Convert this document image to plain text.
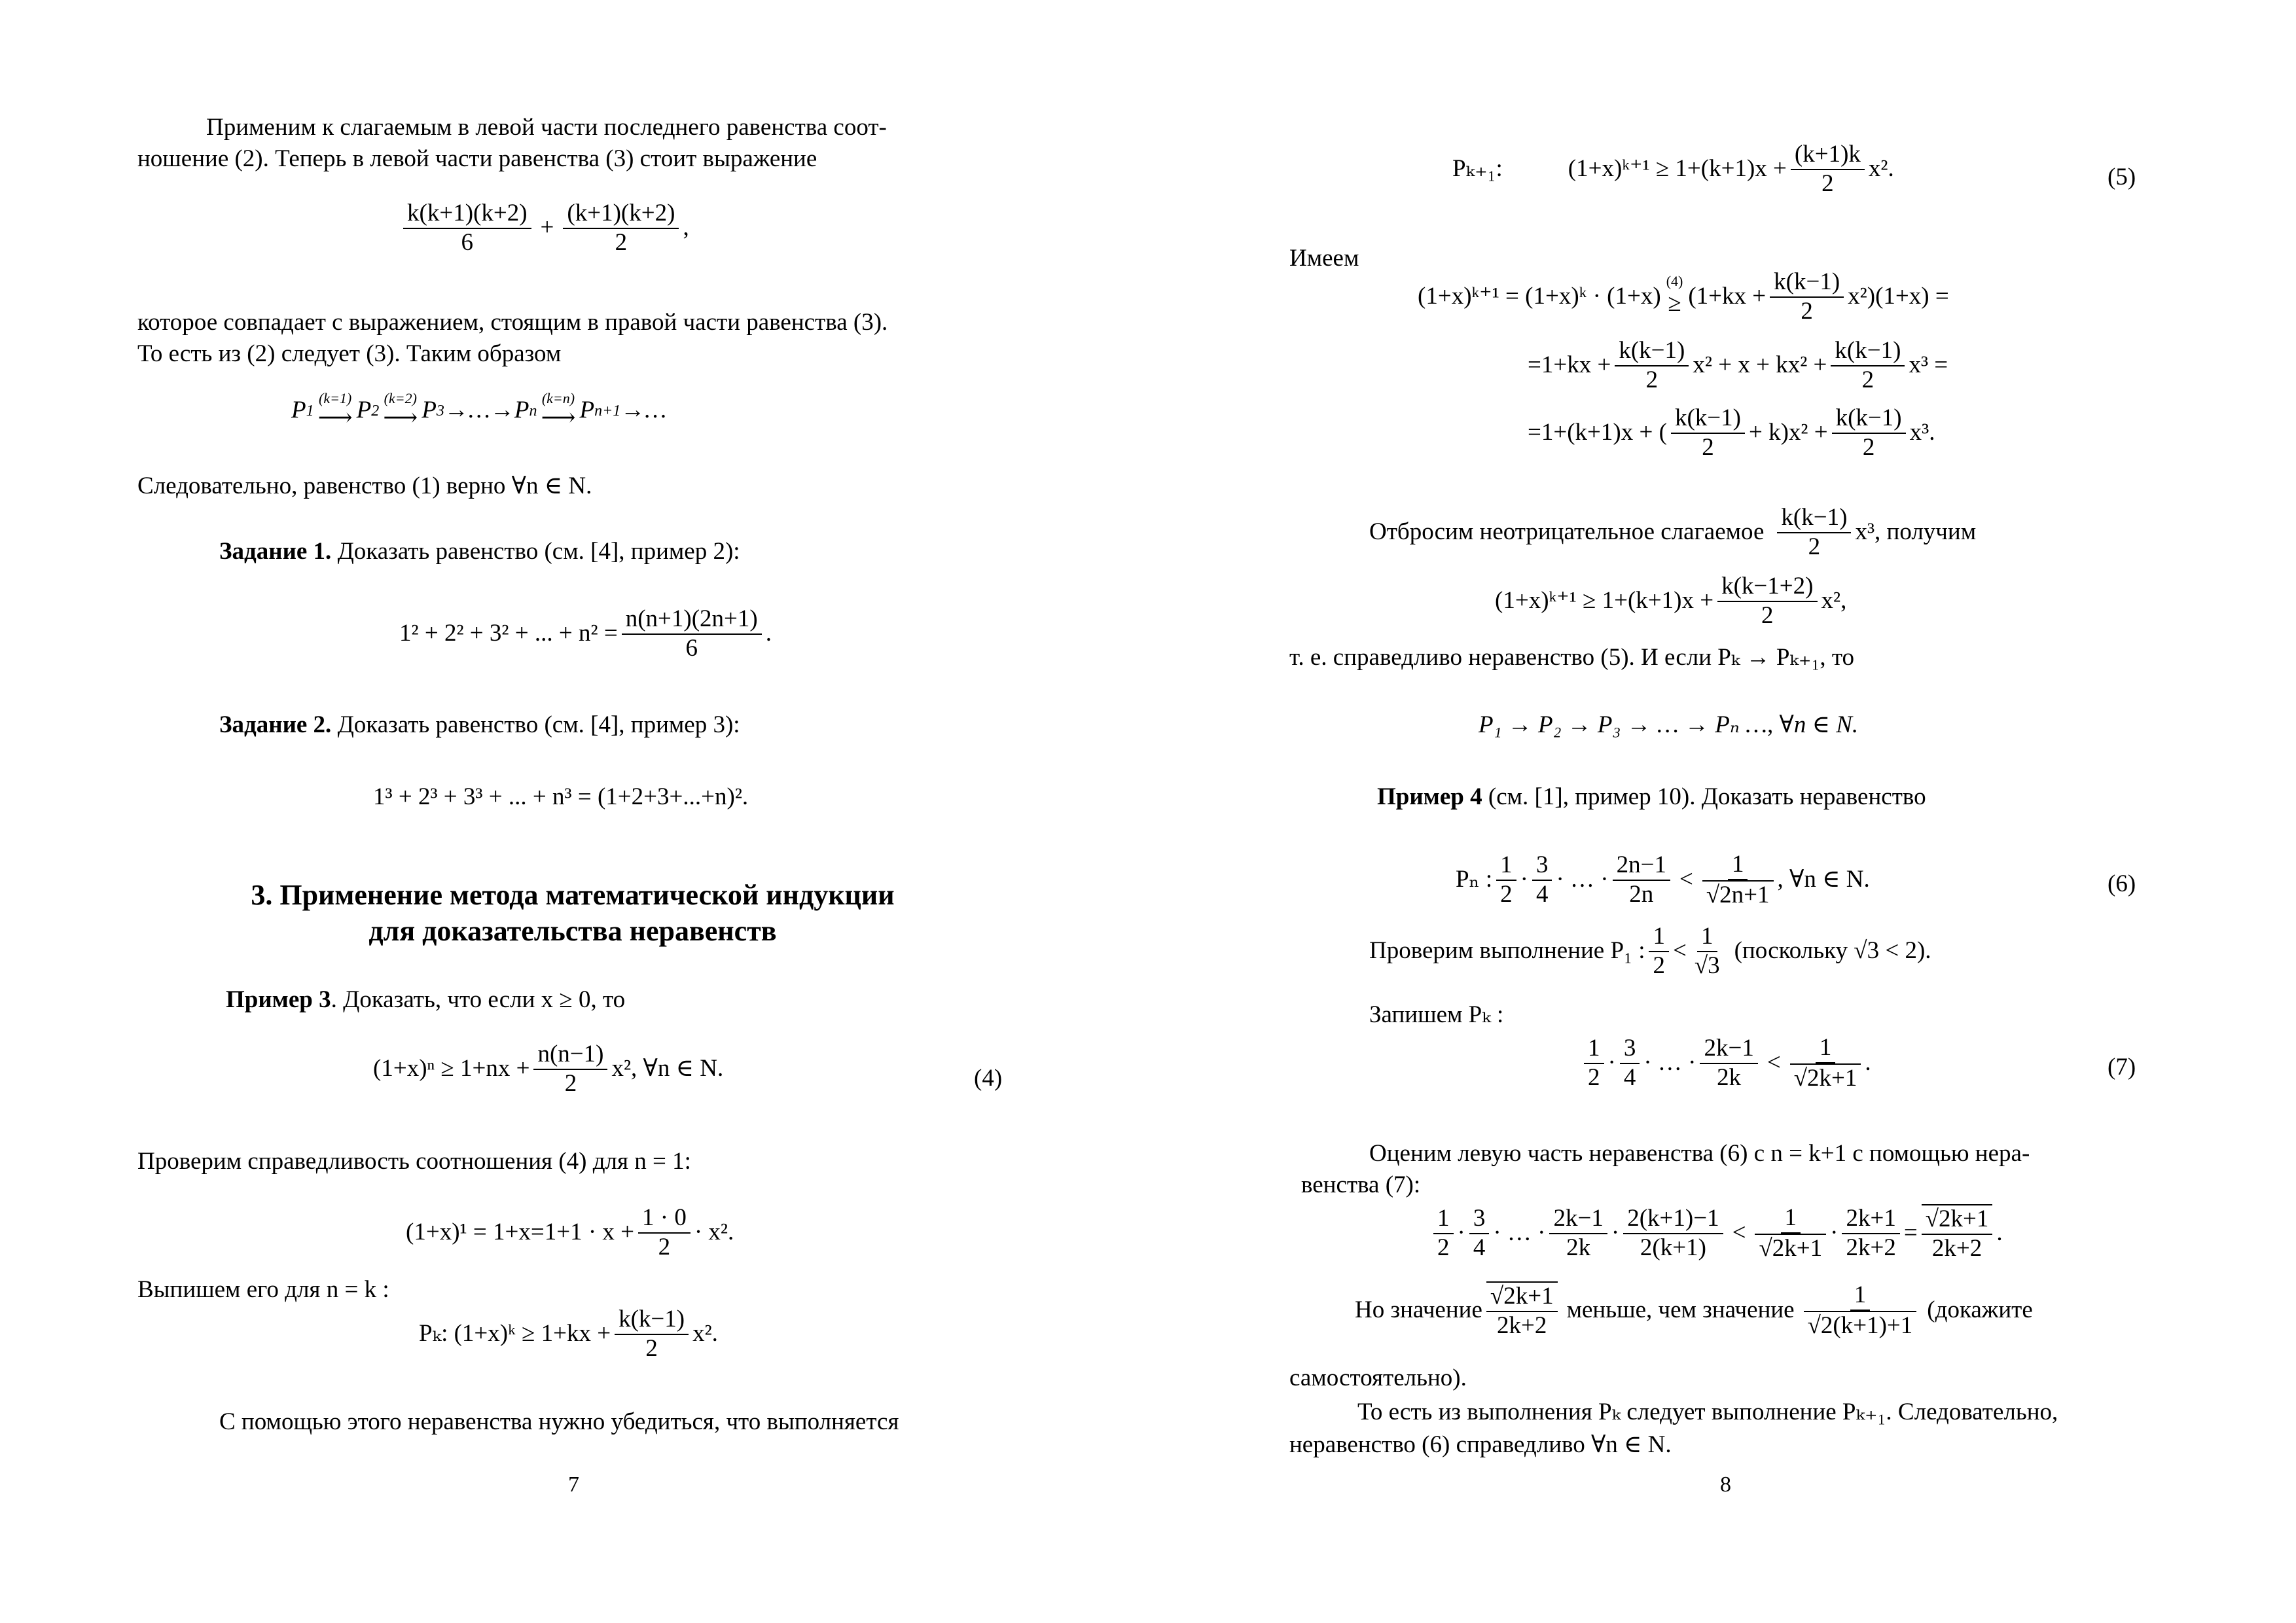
Применим к слагаемым в левой части последнего равенства соот-
ношение (2). Теперь в левой части равенства (3) стоит выражение
$\frac{k(k+1)(k+2)}{6} + \frac{(k+1)(k+2)}{2}$ ,
которое совпадает с выражением, стоящим в правой части равенства (3).
То есть из (2) следует (3). Таким образом
P 1
(k=1)
⟶ P 2
(k=2)
⟶ P 3 →…→ P n
(k=n)
⟶ P n+1 →…
Следовательно, равенство (1) верно ∀n ∈ N.
Задание 1. Доказать равенство (см. [4], пример 2):
1² + 2² + 3² + ... + $n^2 = \frac{n(n+1)(2n+1)}{6}$ .
Задание 2. Доказать равенство (см. [4], пример 3):
1³ + 2³ + 3³ + ... + n³ = (1+2+3+...+n)².
3. Применение метода математической индукции
для доказательства неравенств
Пример 3. Доказать, что если x ≥ 0, то
$(1+x)^n \ge 1+nx + \frac{n(n-1)}{2} x^2$, ∀n ∈ N.	(4)
Проверим справедливость соотношения (4) для n = 1:
$(1+x)^1 = 1+x=1+1 \cdot x + \frac{1 \cdot 0}{2} \cdot x^2$.
Выпишем его для n = k :
Pₖ: (1+x)ᵏ ≥ $1+kx + \frac{k(k-1)}{2} x^2$.
С помощью этого неравенства нужно убедиться, что выполняется
7
Pₖ₊₁:	(1+x)ᵏ⁺¹ ≥ $1+(k+1)x + \frac{(k+1)k}{2} x^2$.	(5)
Имеем
(1+x)ᵏ⁺¹ = (1+x)ᵏ · (1+x)
(4)
≥ $(1+kx + \frac{k(k-1)}{2} x^2)(1+x)$ =
$=1+kx + \frac{k(k-1)}{2} x^2 + x + kx^2 + \frac{k(k-1)}{2} x^3$ =
=1+(k+1)x + ( $\frac{k(k-1)}{2} + k)x^2 + \frac{k(k-1)}{2} x^3$.
Отбросим неотрицательное слагаемое $\frac{k(k-1)}{2} x^3$, получим
(1+x)ᵏ⁺¹ ≥ $1+(k+1)x + \frac{k(k-1+2)}{2} x^2$,
т. е. справедливо неравенство (5). И если Pₖ → Pₖ₊₁, то
P₁ → P₂ → P₃ → … → Pₙ …, ∀n ∈ N.
Пример 4 (см. [1], пример 10). Доказать неравенство
Pₙ : $\frac{1}{2} \cdot \frac{3}{4}$ · … · $\frac{2n-1}{2n} < \frac{1}{√2n+1}$ , ∀n ∈ N.	(6)
Проверим выполнение P₁ : $\frac{1}{2} < \frac{1}{√3}$ (поскольку √3 < 2).
Запишем Pₖ :
$\frac{1}{2} \cdot \frac{3}{4}$ · … · $\frac{2k-1}{2k} < \frac{1}{√2k+1}$ .	(7)
Оценим левую часть неравенства (6) с n = k+1 с помощью нера-
венства (7):
$\frac{1}{2} \cdot \frac{3}{4}$ · … · $\frac{2k-1}{2k} \cdot \frac{2(k+1)-1}{2(k+1)} < \frac{1}{√2k+1} \cdot \frac{2k+1}{2k+2} = \frac{√2k+1}{2k+2}$ .
Но значение $\frac{√2k+1}{2k+2}$ меньше, чем значение $\frac{1}{√2(k+1)+1}$ (докажите
самостоятельно).
То есть из выполнения Pₖ следует выполнение Pₖ₊₁. Следовательно,
неравенство (6) справедливо ∀n ∈ N.
8
